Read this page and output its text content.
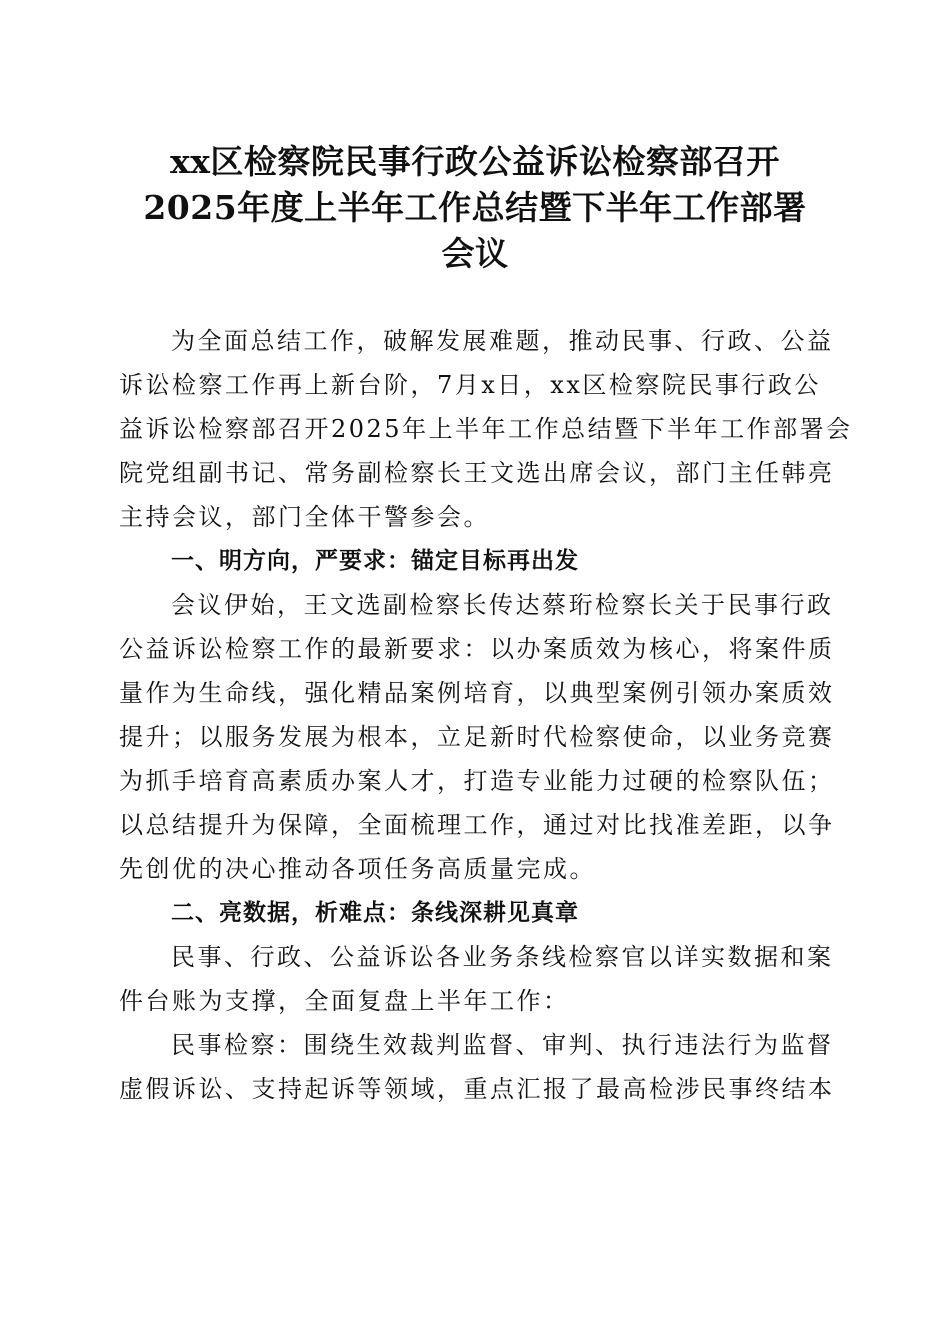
xx区检察院民事行政公益诉讼检察部召开
2025年度上半年工作总结暨下半年工作部署
会议
为全面总结工作，破解发展难题，推动民事、行政、公益
诉讼检察工作再上新台阶，7月x日，xx区检察院民事行政公
益诉讼检察部召开2025年上半年工作总结暨下半年工作部署会
院党组副书记、常务副检察长王文选出席会议，部门主任韩亮
主持会议，部门全体干警参会。
一、明方向，严要求：锚定目标再出发
会议伊始，王文选副检察长传达蔡珩检察长关于民事行政
公益诉讼检察工作的最新要求：以办案质效为核心，将案件质
量作为生命线，强化精品案例培育，以典型案例引领办案质效
提升；以服务发展为根本，立足新时代检察使命，以业务竞赛
为抓手培育高素质办案人才，打造专业能力过硬的检察队伍；
以总结提升为保障，全面梳理工作，通过对比找准差距，以争
先创优的决心推动各项任务高质量完成。
二、亮数据，析难点：条线深耕见真章
民事、行政、公益诉讼各业务条线检察官以详实数据和案
件台账为支撑，全面复盘上半年工作：
民事检察：围绕生效裁判监督、审判、执行违法行为监督
虚假诉讼、支持起诉等领域，重点汇报了最高检涉民事终结本
